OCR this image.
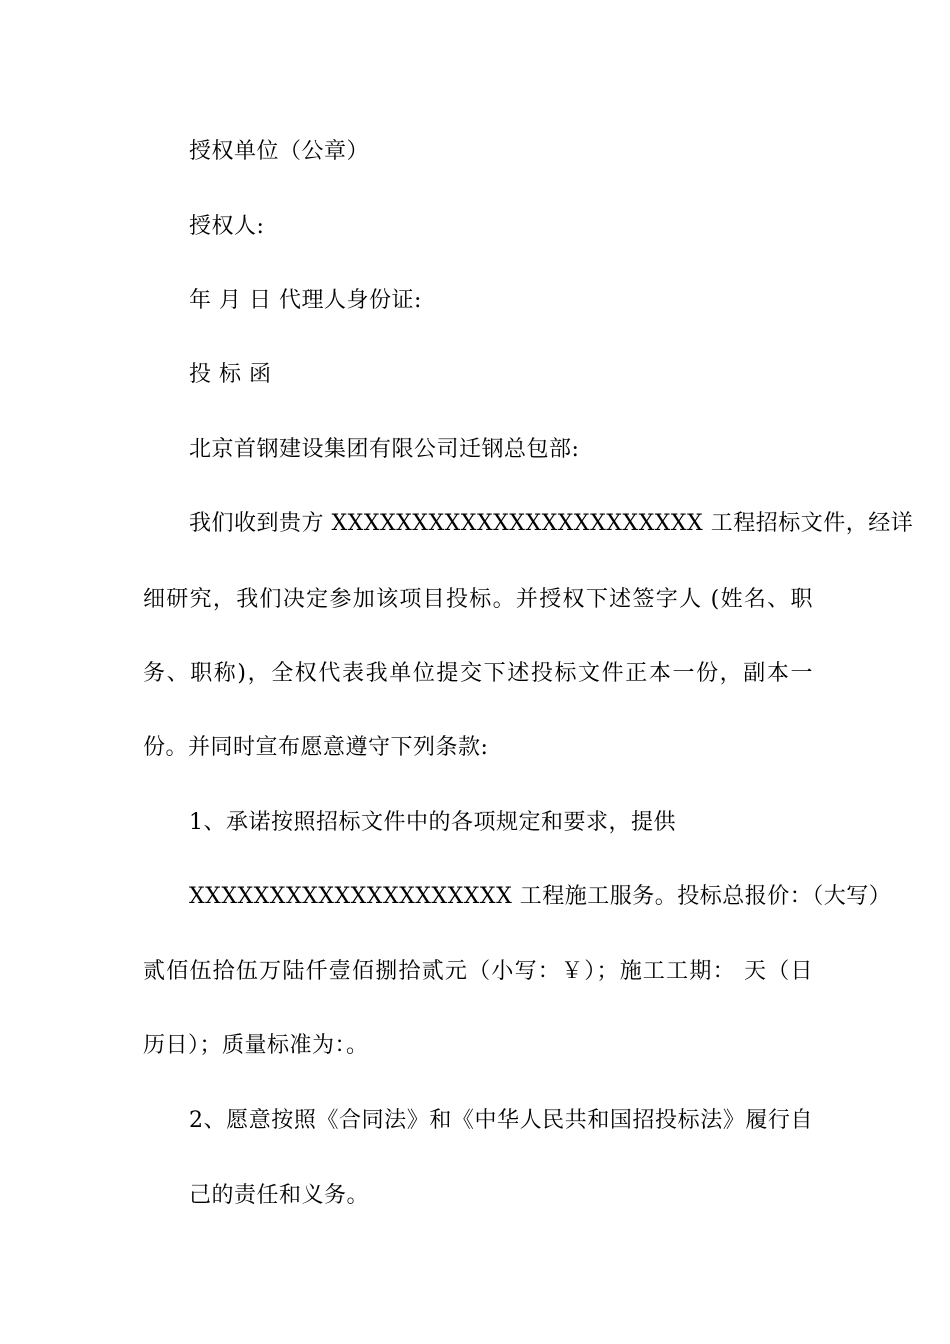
授权单位（公章）
授权人:
年 月 日 代理人身份证:
投 标 函
北京首钢建设集团有限公司迁钢总包部:
我们收到贵方 XXXXXXXXXXXXXXXXXXXXXXX 工程招标文件，经详
细研究，我们决定参加该项目投标。并授权下述签字人 (姓名、职
务、职称)，全权代表我单位提交下述投标文件正本一份，副本一
份。并同时宣布愿意遵守下列条款:
1、承诺按照招标文件中的各项规定和要求，提供
XXXXXXXXXXXXXXXXXXXX 工程施工服务。投标总报价：（大写）
贰佰伍拾伍万陆仟壹佰捌拾贰元（小写：￥）；施工工期： 天（日
历日）；质量标准为：。
2、愿意按照《合同法》和《中华人民共和国招投标法》履行自
己的责任和义务。
